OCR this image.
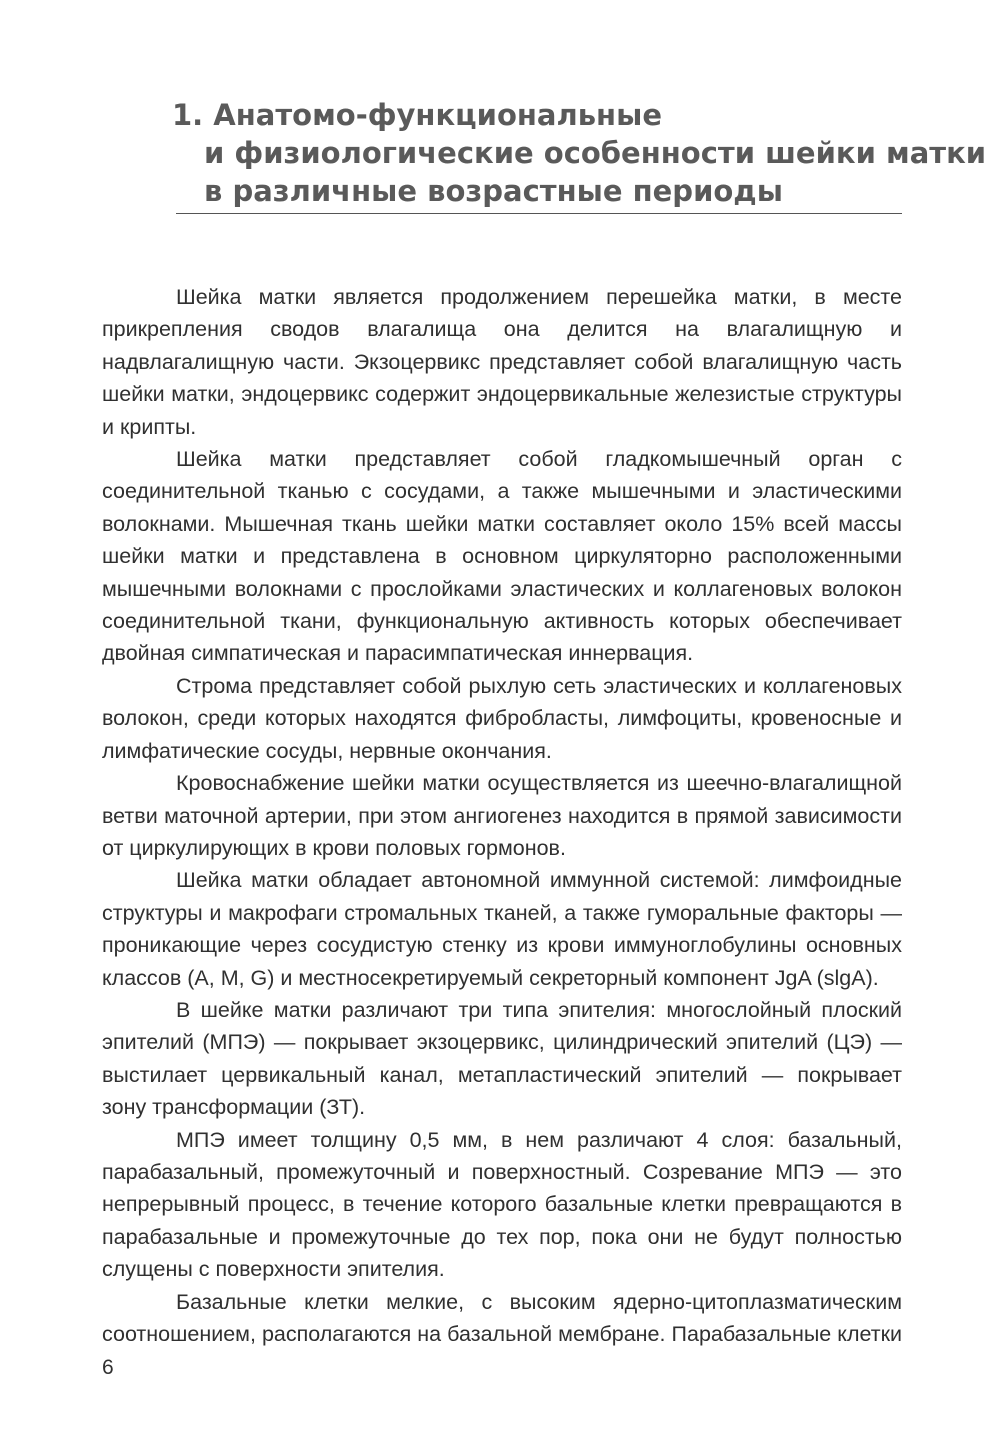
1. Анатомо-функциональные
и физиологические особенности шейки матки
в различные возрастные периоды

Шейка матки является продолжением перешейка матки, в месте прикрепления сводов влагалища она делится на влагалищную и надвлагалищную части. Экзоцервикс представляет собой влагалищную часть шейки матки, эндоцервикс содержит эндоцервикальные железистые структуры и крипты.

Шейка матки представляет собой гладкомышечный орган с соединительной тканью с сосудами, а также мышечными и эластическими волокнами. Мышечная ткань шейки матки составляет около 15% всей массы шейки матки и представлена в основном циркуляторно расположенными мышечными волокнами с прослойками эластических и коллагеновых волокон соединительной ткани, функциональную активность которых обеспечивает двойная симпатическая и парасимпатическая иннервация.

Строма представляет собой рыхлую сеть эластических и коллагеновых волокон, среди которых находятся фибробласты, лимфоциты, кровеносные и лимфатические сосуды, нервные окончания.

Кровоснабжение шейки матки осуществляется из шеечно-влагалищной ветви маточной артерии, при этом ангиогенез находится в прямой зависимости от циркулирующих в крови половых гормонов.

Шейка матки обладает автономной иммунной системой: лимфоидные структуры и макрофаги стромальных тканей, а также гуморальные факторы — проникающие через сосудистую стенку из крови иммуноглобулины основных классов (A, M, G) и местносекретируемый секреторный компонент JgA (slgA).

В шейке матки различают три типа эпителия: многослойный плоский эпителий (МПЭ) — покрывает экзоцервикс, цилиндрический эпителий (ЦЭ) — выстилает цервикальный канал, метапластический эпителий — покрывает зону трансформации (ЗТ).

МПЭ имеет толщину 0,5 мм, в нем различают 4 слоя: базальный, парабазальный, промежуточный и поверхностный. Созревание МПЭ — это непрерывный процесс, в течение которого базальные клетки превращаются в парабазальные и промежуточные до тех пор, пока они не будут полностью слущены с поверхности эпителия.

Базальные клетки мелкие, с высоким ядерно-цитоплазматическим соотношением, располагаются на базальной мембране. Парабазальные клетки

6
